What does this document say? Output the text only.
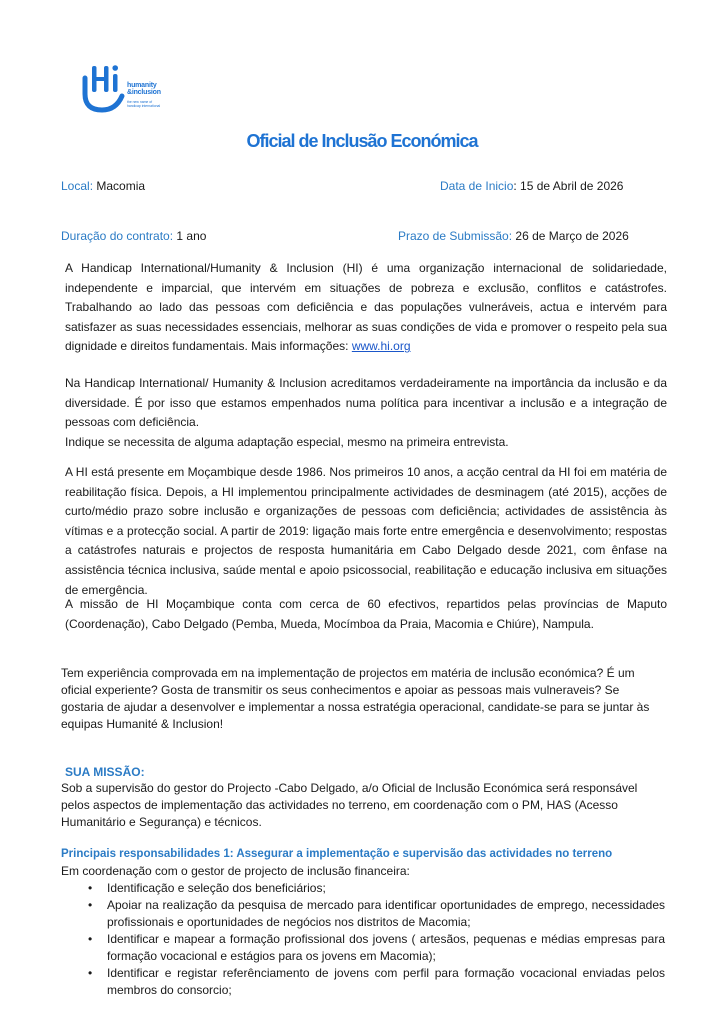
humanity
&inclusion
the new name of
handicap international
Oficial de Inclusão Económica
Local: Macomia	Data de Inicio: 15 de Abril de 2026
Duração do contrato: 1 ano	Prazo de Submissão: 26 de Março de 2026
A Handicap International/Humanity & Inclusion (HI) é uma organização internacional de solidariedade, independente e imparcial, que intervém em situações de pobreza e exclusão, conflitos e catástrofes. Trabalhando ao lado das pessoas com deficiência e das populações vulneráveis, actua e intervém para satisfazer as suas necessidades essenciais, melhorar as suas condições de vida e promover o respeito pela sua dignidade e direitos fundamentais. Mais informações: www.hi.org
Na Handicap International/ Humanity & Inclusion acreditamos verdadeiramente na importância da inclusão e da diversidade. É por isso que estamos empenhados numa política para incentivar a inclusão e a integração de pessoas com deficiência.
Indique se necessita de alguma adaptação especial, mesmo na primeira entrevista.
A HI está presente em Moçambique desde 1986. Nos primeiros 10 anos, a acção central da HI foi em matéria de reabilitação física. Depois, a HI implementou principalmente actividades de desminagem (até 2015), acções de curto/médio prazo sobre inclusão e organizações de pessoas com deficiência; actividades de assistência às vítimas e a protecção social. A partir de 2019: ligação mais forte entre emergência e desenvolvimento; respostas a catástrofes naturais e projectos de resposta humanitária em Cabo Delgado desde 2021, com ênfase na assistência técnica inclusiva, saúde mental e apoio psicossocial, reabilitação e educação inclusiva em situações de emergência.
A missão de HI Moçambique conta com cerca de 60 efectivos, repartidos pelas províncias de Maputo (Coordenação), Cabo Delgado (Pemba, Mueda, Mocímboa da Praia, Macomia e Chiúre), Nampula.
Tem experiência comprovada em na implementação de projectos em matéria de inclusão económica? É um oficial experiente? Gosta de transmitir os seus conhecimentos e apoiar as pessoas mais vulneraveis? Se gostaria de ajudar a desenvolver e implementar a nossa estratégia operacional, candidate-se para se juntar às equipas Humanité & Inclusion!
SUA MISSÃO:
Sob a supervisão do gestor do Projecto -Cabo Delgado, a/o Oficial de Inclusão Económica será responsável pelos aspectos de implementação das actividades no terreno, em coordenação com o PM, HAS (Acesso Humanitário e Segurança) e técnicos.
Principais responsabilidades 1: Assegurar a implementação e supervisão das actividades no terreno
Em coordenação com o gestor de projecto de inclusão financeira:
• Identificação e seleção dos beneficiários;
• Apoiar na realização da pesquisa de mercado para identificar oportunidades de emprego, necessidades profissionais e oportunidades de negócios nos distritos de Macomia;
• Identificar e mapear a formação profissional dos jovens ( artesãos, pequenas e médias empresas para formação vocacional e estágios para os jovens em Macomia);
• Identificar e registar referênciamento de jovens com perfil para formação vocacional enviadas pelos membros do consorcio;
